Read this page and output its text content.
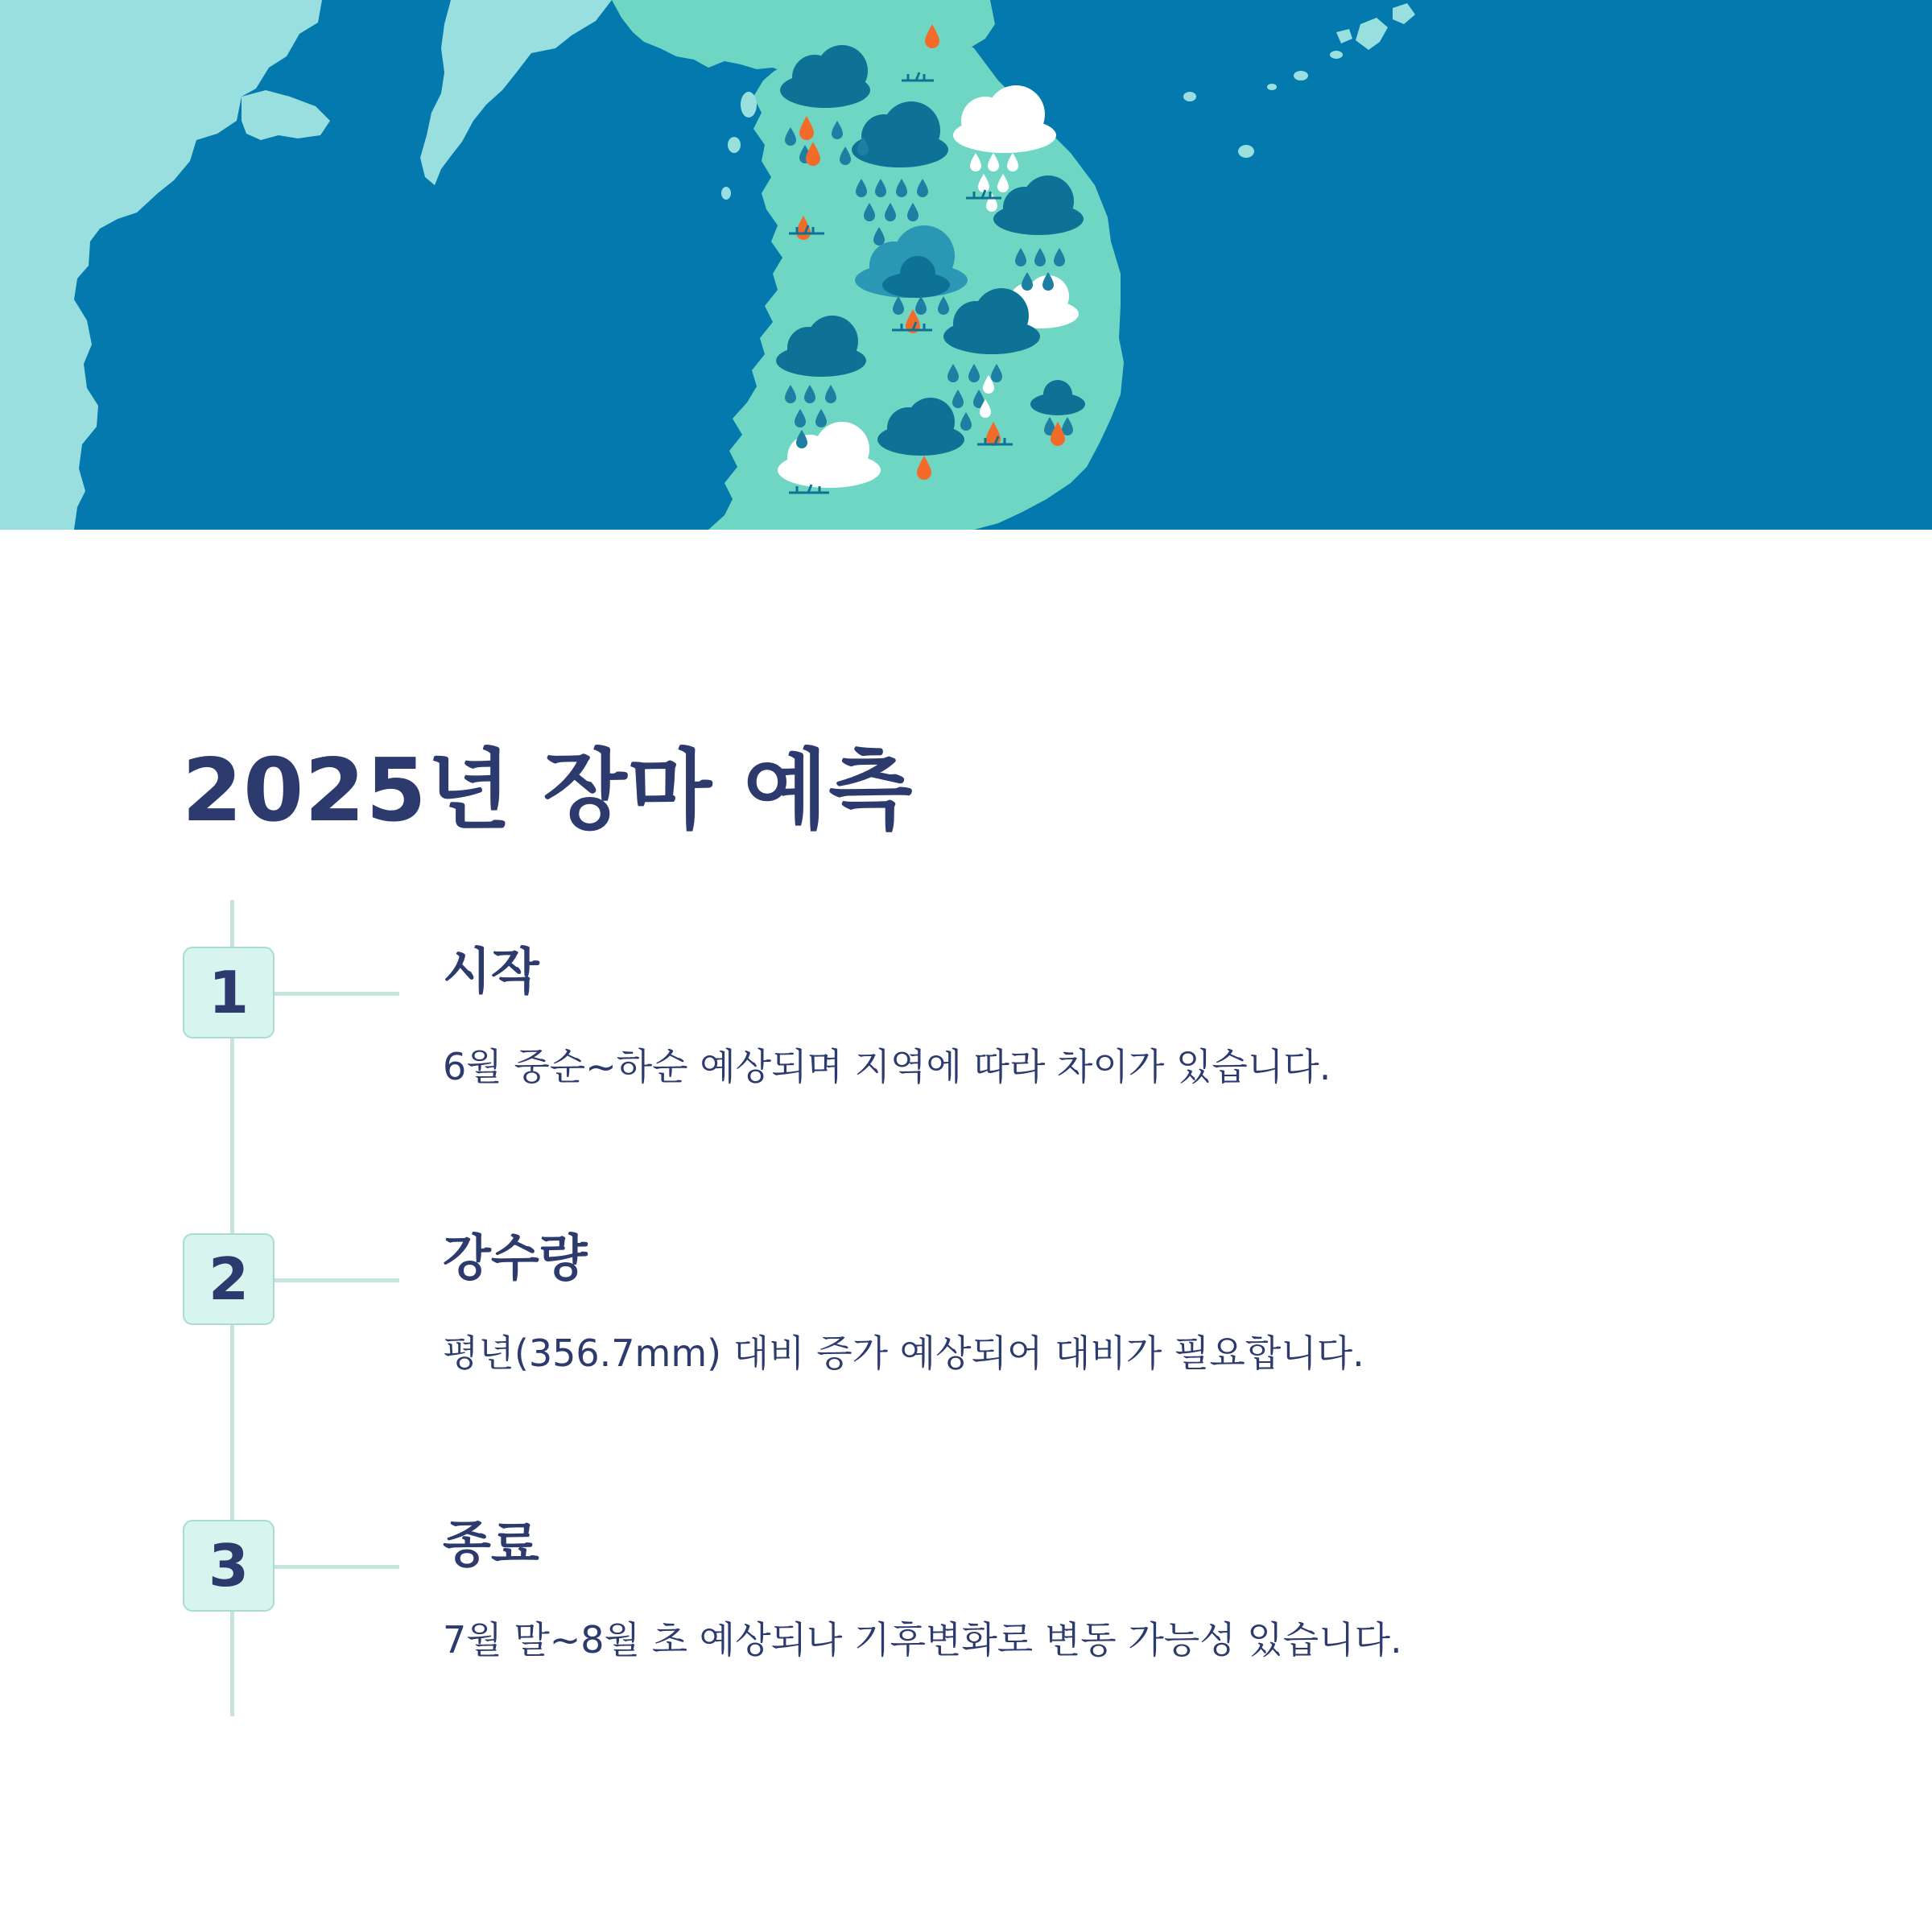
2025년 장마 예측
1	시작

6월 중순~하순 예상되며 지역에 따라 차이가 있습니다.

2	강수량

평년(356.7mm) 대비 증가 예상되어 대비가 필요합니다.

3	종료

7월 말~8월 초 예상되나 기후변화로 변동 가능성 있습니다.
